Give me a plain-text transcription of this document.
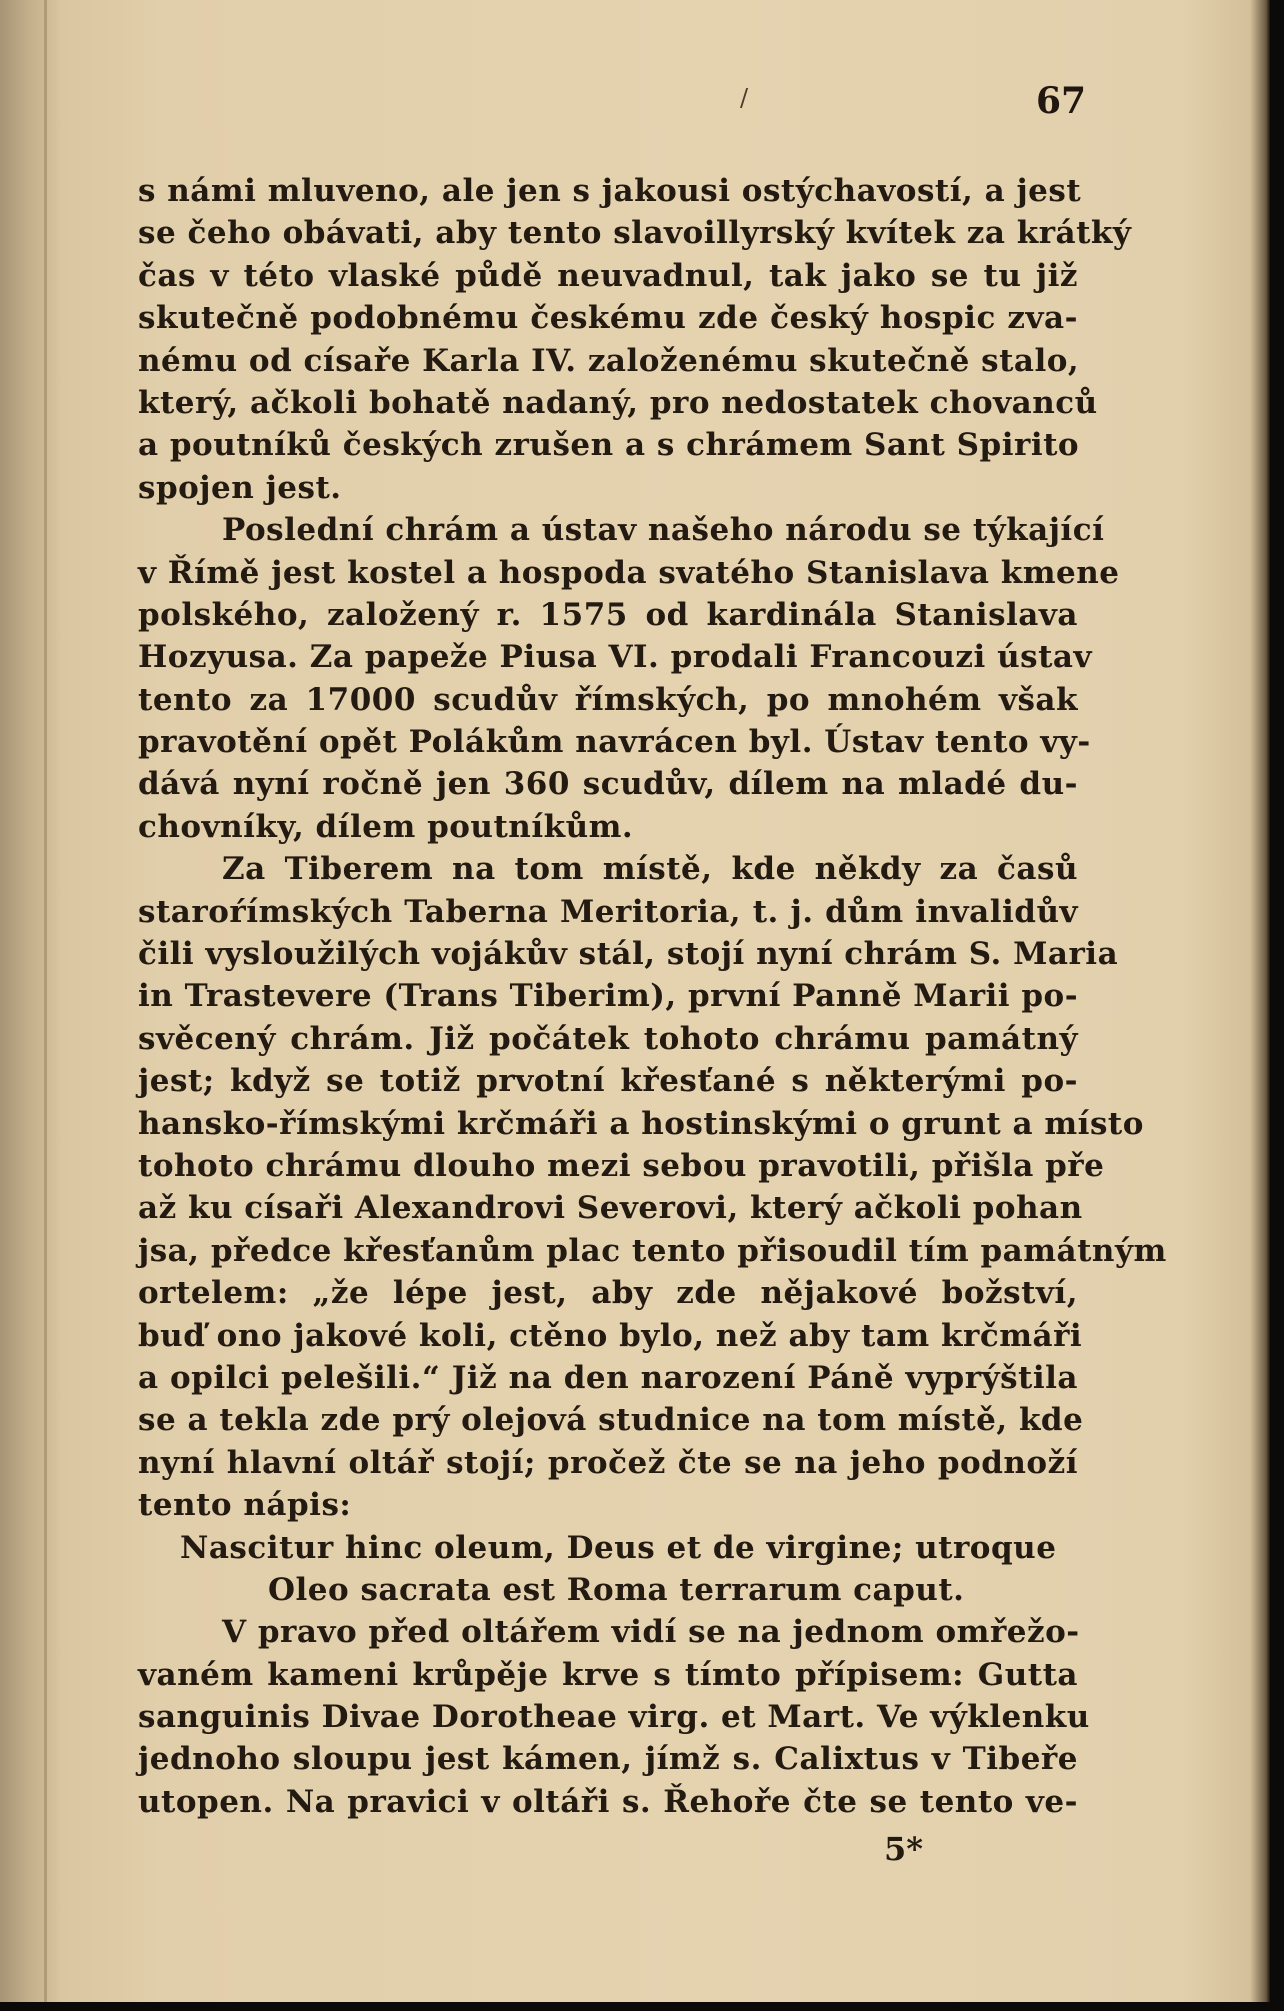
/	67
s námi mluveno, ale jen s jakousi ostýchavostí, a jest
se čeho obávati, aby tento slavoillyrský kvítek za krátký
čas v této vlaské půdě neuvadnul, tak jako se tu již
skutečně podobnému českému zde český hospic zva-
nému od císaře Karla IV. založenému skutečně stalo,
který, ačkoli bohatě nadaný, pro nedostatek chovanců
a poutníků českých zrušen a s chrámem Sant Spirito
spojen jest.
Poslední chrám a ústav našeho národu se týkající
v Římě jest kostel a hospoda svatého Stanislava kmene
polského, založený r. 1575 od kardinála Stanislava
Hozyusa. Za papeže Piusa VI. prodali Francouzi ústav
tento za 17000 scudův římských, po mnohém však
pravotění opět Polákům navrácen byl. Ústav tento vy-
dává nyní ročně jen 360 scudův, dílem na mladé du-
chovníky, dílem poutníkům.
Za Tiberem na tom místě, kde někdy za časů
staroŕímských Taberna Meritoria, t. j. dům invalidův
čili vysloužilých vojákův stál, stojí nyní chrám S. Maria
in Trastevere (Trans Tiberim), první Panně Marii po-
svěcený chrám. Již počátek tohoto chrámu památný
jest; když se totiž prvotní křesťané s některými po-
hansko-římskými krčmáři a hostinskými o grunt a místo
tohoto chrámu dlouho mezi sebou pravotili, přišla pře
až ku císaři Alexandrovi Severovi, který ačkoli pohan
jsa, předce křesťanům plac tento přisoudil tím památným
ortelem: „že lépe jest, aby zde nějakové božství,
buď ono jakové koli, ctěno bylo, než aby tam krčmáři
a opilci pelešili.“ Již na den narození Páně vyprýštila
se a tekla zde prý olejová studnice na tom místě, kde
nyní hlavní oltář stojí; pročež čte se na jeho podnoží
tento nápis:
Nascitur hinc oleum, Deus et de virgine; utroque
Oleo sacrata est Roma terrarum caput.
V pravo před oltářem vidí se na jednom omřežo-
vaném kameni krůpěje krve s tímto přípisem: Gutta
sanguinis Divae Dorotheae virg. et Mart. Ve výklenku
jednoho sloupu jest kámen, jímž s. Calixtus v Tibeře
utopen. Na pravici v oltáři s. Řehoře čte se tento ve-
5*
